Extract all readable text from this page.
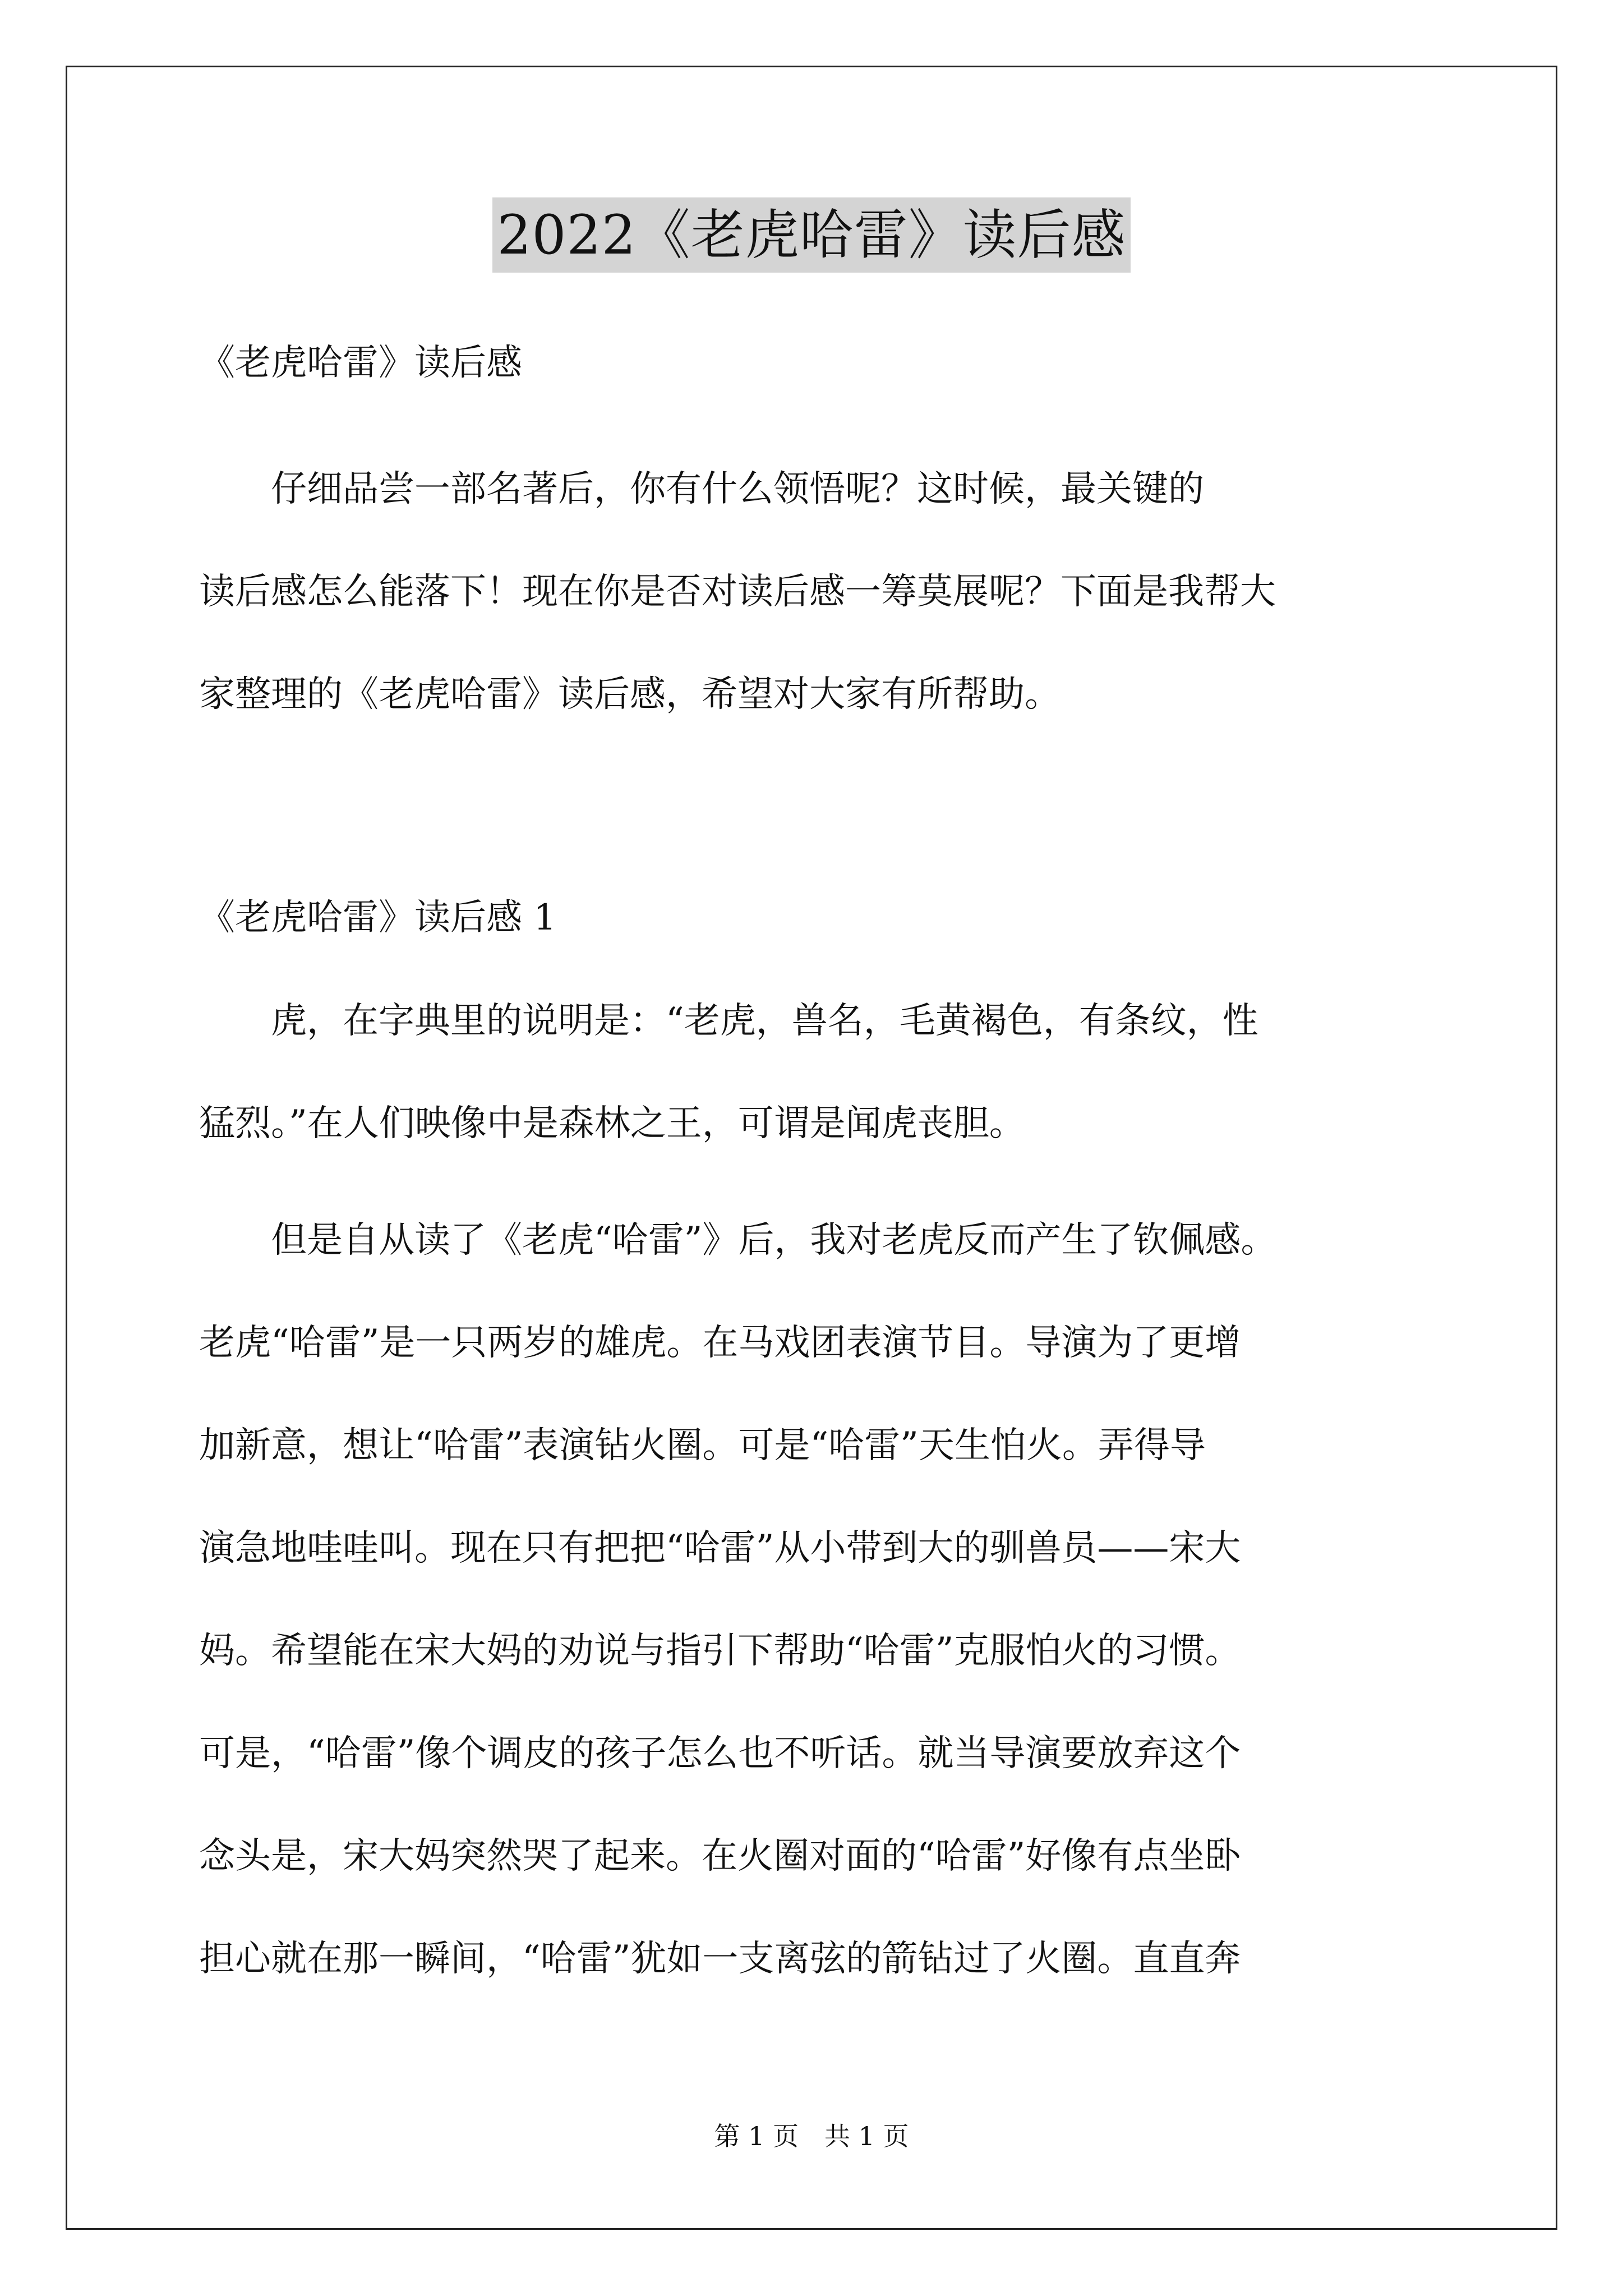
2022《老虎哈雷》读后感
《老虎哈雷》读后感
　　仔细品尝一部名著后，你有什么领悟呢？这时候，最关键的
读后感怎么能落下！现在你是否对读后感一筹莫展呢？下面是我帮大
家整理的《老虎哈雷》读后感，希望对大家有所帮助。
《老虎哈雷》读后感 1
　　虎，在字典里的说明是：“老虎，兽名，毛黄褐色，有条纹，性
猛烈。”在人们映像中是森林之王，可谓是闻虎丧胆。
　　但是自从读了《老虎“哈雷”》后，我对老虎反而产生了钦佩感。
老虎“哈雷”是一只两岁的雄虎。在马戏团表演节目。导演为了更增
加新意，想让“哈雷”表演钻火圈。可是“哈雷”天生怕火。弄得导
演急地哇哇叫。现在只有把把“哈雷”从小带到大的驯兽员——宋大
妈。希望能在宋大妈的劝说与指引下帮助“哈雷”克服怕火的习惯。
可是，“哈雷”像个调皮的孩子怎么也不听话。就当导演要放弃这个
念头是，宋大妈突然哭了起来。在火圈对面的“哈雷”好像有点坐卧
担心就在那一瞬间，“哈雷”犹如一支离弦的箭钻过了火圈。直直奔
第 1 页　共 1 页
